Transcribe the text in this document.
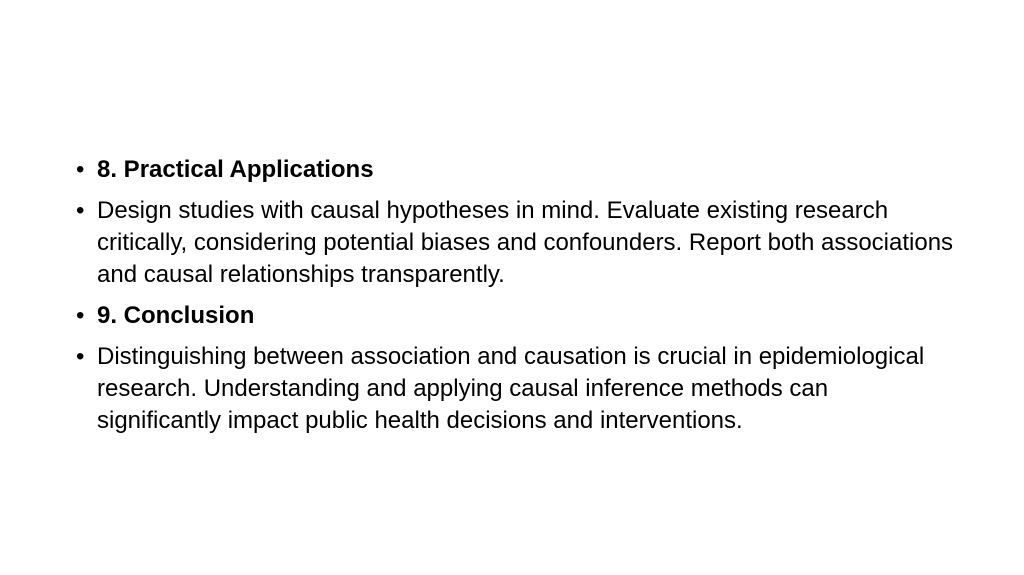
• 8. Practical Applications
• Design studies with causal hypotheses in mind. Evaluate existing research critically, considering potential biases and confounders. Report both associations and causal relationships transparently.
• 9. Conclusion
• Distinguishing between association and causation is crucial in epidemiological research. Understanding and applying causal inference methods can significantly impact public health decisions and interventions.
